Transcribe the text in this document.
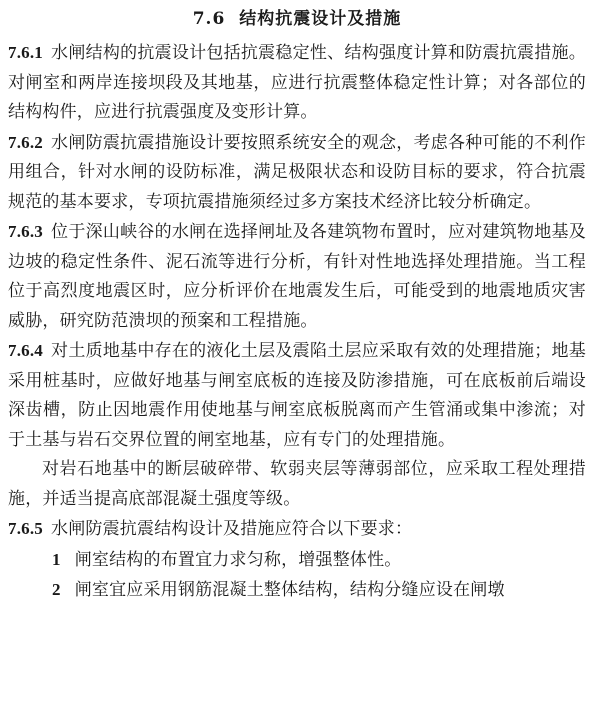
7.6 结构抗震设计及措施

7.6.1 水闸结构的抗震设计包括抗震稳定性、结构强度计算和防震抗震措施。对闸室和两岸连接坝段及其地基，应进行抗震整体稳定性计算；对各部位的结构构件，应进行抗震强度及变形计算。

7.6.2 水闸防震抗震措施设计要按照系统安全的观念，考虑各种可能的不利作用组合，针对水闸的设防标准，满足极限状态和设防目标的要求，符合抗震规范的基本要求，专项抗震措施须经过多方案技术经济比较分析确定。

7.6.3 位于深山峡谷的水闸在选择闸址及各建筑物布置时，应对建筑物地基及边坡的稳定性条件、泥石流等进行分析，有针对性地选择处理措施。当工程位于高烈度地震区时，应分析评价在地震发生后，可能受到的地震地质灾害威胁，研究防范溃坝的预案和工程措施。

7.6.4 对土质地基中存在的液化土层及震陷土层应采取有效的处理措施；地基采用桩基时，应做好地基与闸室底板的连接及防渗措施，可在底板前后端设深齿槽，防止因地震作用使地基与闸室底板脱离而产生管涌或集中渗流；对于土基与岩石交界位置的闸室地基，应有专门的处理措施。

对岩石地基中的断层破碎带、软弱夹层等薄弱部位，应采取工程处理措施，并适当提高底部混凝土强度等级。

7.6.5 水闸防震抗震结构设计及措施应符合以下要求：

1 闸室结构的布置宜力求匀称，增强整体性。

2 闸室宜应采用钢筋混凝土整体结构，结构分缝应设在闸墩
